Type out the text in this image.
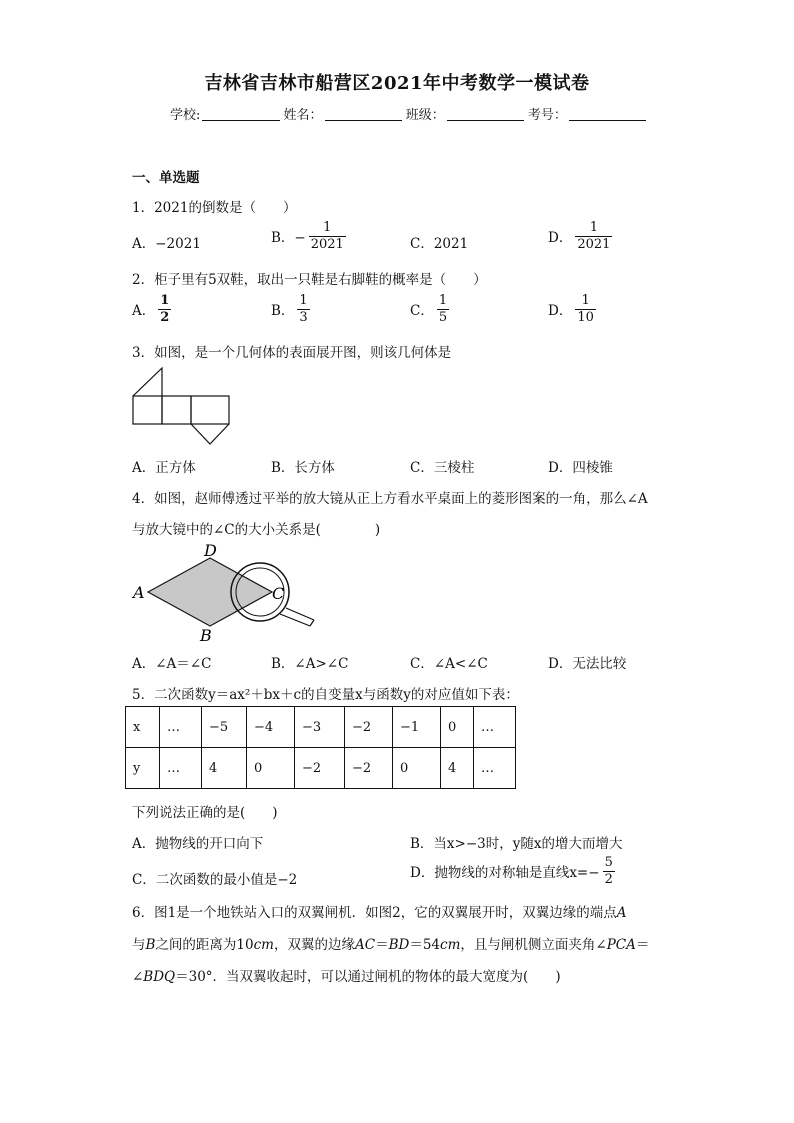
吉林省吉林市船营区2021年中考数学一模试卷
学校:	姓名：	班级：	考号：
一、单选题
1．2021的倒数是（　　）
A．−2021	B．− $\frac{1}{2021}$	C．2021	D． $\frac{1}{2021}$
2．柜子里有5双鞋，取出一只鞋是右脚鞋的概率是（　　）
A． $\frac{1}{2}$	B． $\frac{1}{3}$	C． $\frac{1}{5}$	D． $\frac{1}{10}$
3．如图，是一个几何体的表面展开图，则该几何体是
A．正方体	B．长方体	C．三棱柱	D．四棱锥
4．如图，赵师傅透过平举的放大镜从正上方看水平桌面上的菱形图案的一角，那么∠A
与放大镜中的∠C的大小关系是(　　　　)
A
D
B
C
A．∠A＝∠C	B．∠A>∠C	C．∠A<∠C	D．无法比较
5．二次函数y＝ax²＋bx＋c的自变量x与函数y的对应值如下表：
x	…	−5	−4	−3	−2	−1	0	…
y	…	4	0	−2	−2	0	4	…
下列说法正确的是(　　)
A．抛物线的开口向下	B．当x>−3时，y随x的增大而增大
C．二次函数的最小值是−2	D．抛物线的对称轴是直线$x=- \frac{5}{2}$
6．图1是一个地铁站入口的双翼闸机．如图2，它的双翼展开时，双翼边缘的端点A
与B之间的距离为10cm，双翼的边缘AC＝BD＝54cm，且与闸机侧立面夹角∠PCA＝
∠BDQ＝30°．当双翼收起时，可以通过闸机的物体的最大宽度为(　　)
